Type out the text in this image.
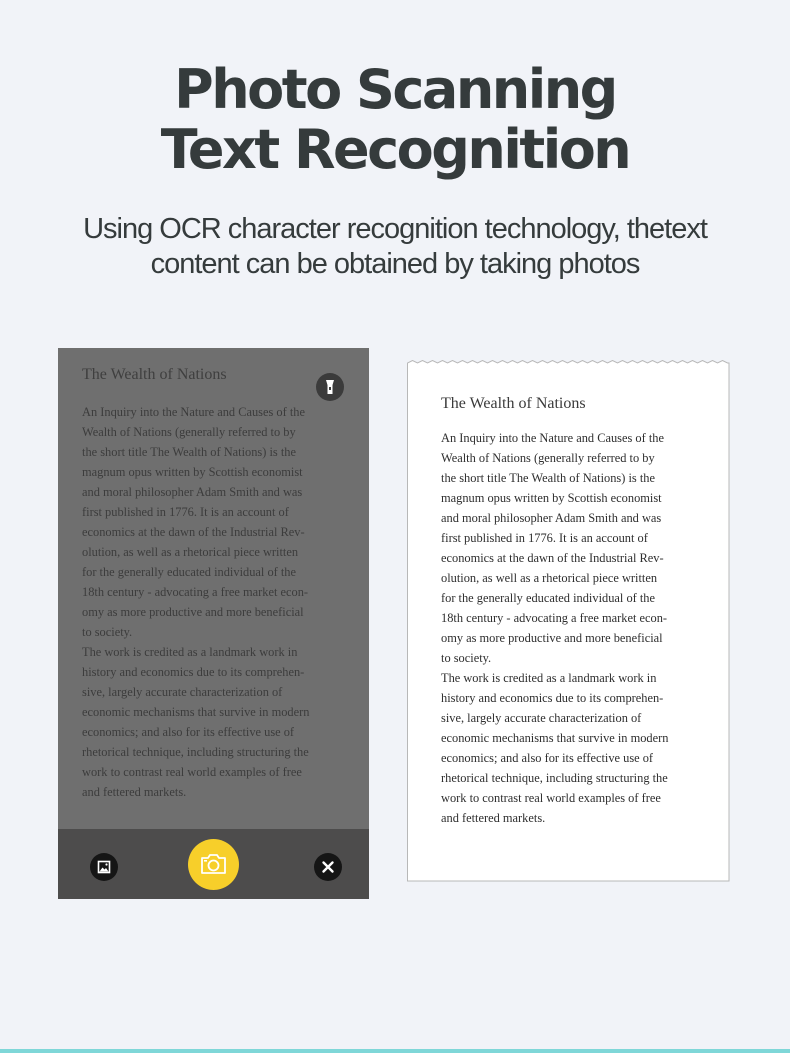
Photo Scanning
Text Recognition
Using OCR character recognition technology, thetext
content can be obtained by taking photos
The Wealth of Nations

An Inquiry into the Nature and Causes of the

Wealth of Nations (generally referred to by

the short title The Wealth of Nations) is the

magnum opus written by Scottish economist

and moral philosopher Adam Smith and was

first published in 1776. It is an account of

economics at the dawn of the Industrial Rev-

olution, as well as a rhetorical piece written

for the generally educated individual of the

18th century - advocating a free market econ-

omy as more productive and more beneficial

to society.

The work is credited as a landmark work in

history and economics due to its comprehen-

sive, largely accurate characterization of

economic mechanisms that survive in modern

economics; and also for its effective use of

rhetorical technique, including structuring the

work to contrast real world examples of free

and fettered markets.

The Wealth of Nations

An Inquiry into the Nature and Causes of the

Wealth of Nations (generally referred to by

the short title The Wealth of Nations) is the

magnum opus written by Scottish economist

and moral philosopher Adam Smith and was

first published in 1776. It is an account of

economics at the dawn of the Industrial Rev-

olution, as well as a rhetorical piece written

for the generally educated individual of the

18th century - advocating a free market econ-

omy as more productive and more beneficial

to society.

The work is credited as a landmark work in

history and economics due to its comprehen-

sive, largely accurate characterization of

economic mechanisms that survive in modern

economics; and also for its effective use of

rhetorical technique, including structuring the

work to contrast real world examples of free

and fettered markets.
